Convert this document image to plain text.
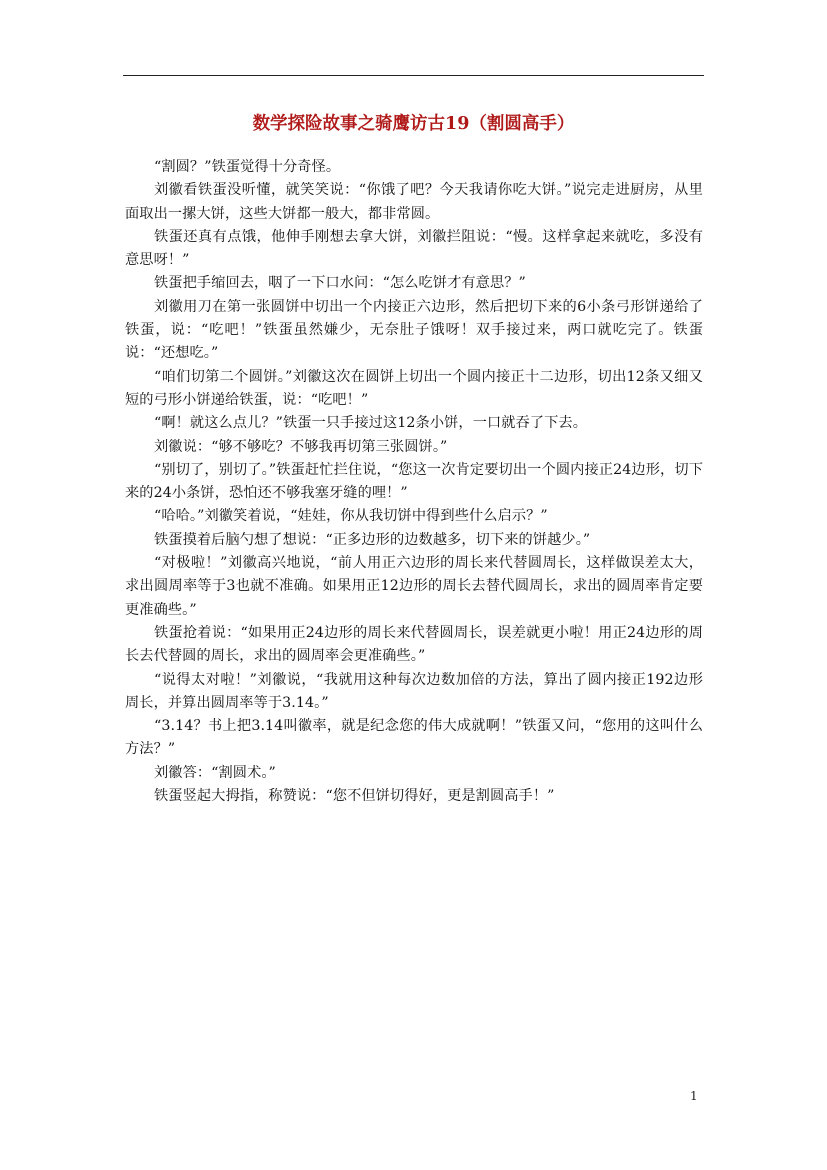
数学探险故事之骑鹰访古19（割圆高手）

“割圆？”铁蛋觉得十分奇怪。

刘徽看铁蛋没听懂，就笑笑说：“你饿了吧？今天我请你吃大饼。”说完走进厨房，从里面取出一摞大饼，这些大饼都一般大，都非常圆。

铁蛋还真有点饿，他伸手刚想去拿大饼，刘徽拦阻说：“慢。这样拿起来就吃，多没有意思呀！”

铁蛋把手缩回去，咽了一下口水问：“怎么吃饼才有意思？”

刘徽用刀在第一张圆饼中切出一个内接正六边形，然后把切下来的6小条弓形饼递给了铁蛋，说：“吃吧！”铁蛋虽然嫌少，无奈肚子饿呀！双手接过来，两口就吃完了。铁蛋说：“还想吃。”

“咱们切第二个圆饼。”刘徽这次在圆饼上切出一个圆内接正十二边形，切出12条又细又短的弓形小饼递给铁蛋，说：“吃吧！”

“啊！就这么点儿？”铁蛋一只手接过这12条小饼，一口就吞了下去。

刘徽说：“够不够吃？不够我再切第三张圆饼。”

“别切了，别切了。”铁蛋赶忙拦住说，“您这一次肯定要切出一个圆内接正24边形，切下来的24小条饼，恐怕还不够我塞牙缝的哩！”

“哈哈。”刘徽笑着说，“娃娃，你从我切饼中得到些什么启示？”

铁蛋摸着后脑勺想了想说：“正多边形的边数越多，切下来的饼越少。”

“对极啦！”刘徽高兴地说，“前人用正六边形的周长来代替圆周长，这样做误差太大，求出圆周率等于3也就不准确。如果用正12边形的周长去替代圆周长，求出的圆周率肯定要更准确些。”

铁蛋抢着说：“如果用正24边形的周长来代替圆周长，误差就更小啦！用正24边形的周长去代替圆的周长，求出的圆周率会更准确些。”

“说得太对啦！”刘徽说，“我就用这种每次边数加倍的方法，算出了圆内接正192边形周长，并算出圆周率等于3.14。”

“3.14？书上把3.14叫徽率，就是纪念您的伟大成就啊！”铁蛋又问，“您用的这叫什么方法？”

刘徽答：“割圆术。”

铁蛋竖起大拇指，称赞说：“您不但饼切得好，更是割圆高手！”

1
